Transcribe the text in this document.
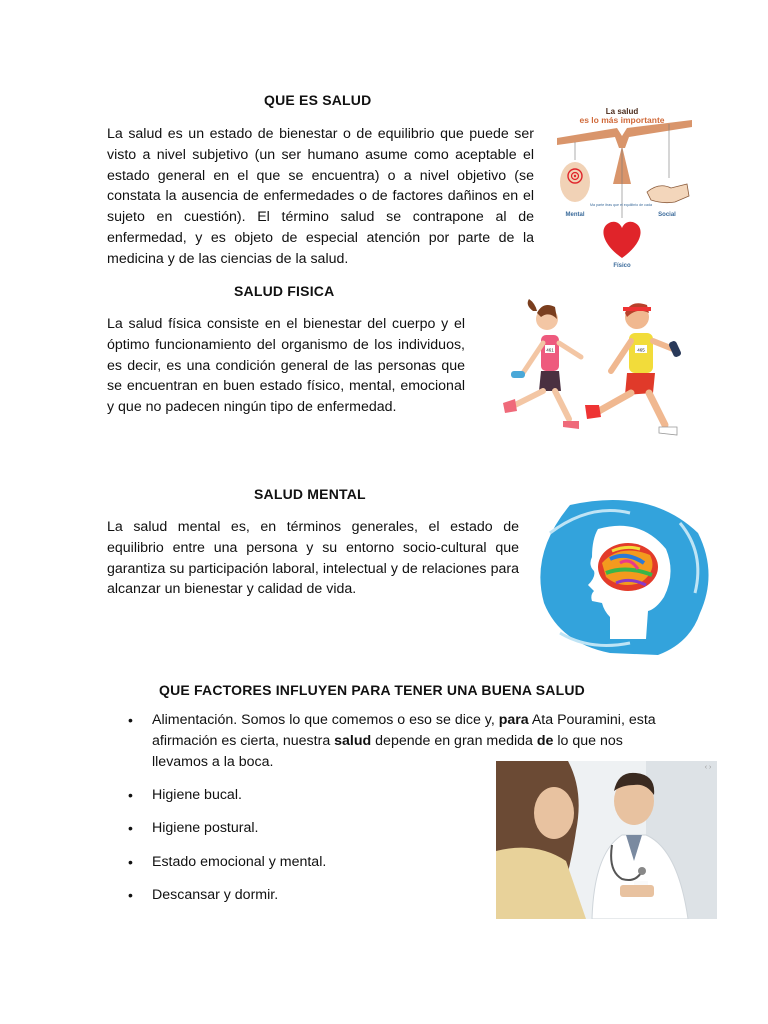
QUE ES SALUD
La salud es un estado de bienestar o de equilibrio que puede ser visto a nivel subjetivo (un ser humano asume como aceptable el estado general en el que se encuentra) o a nivel objetivo (se constata la ausencia de enfermedades o de factores dañinos en el sujeto en cuestión). El término salud se contrapone al de enfermedad, y es objeto de especial atención por parte de la medicina y de las ciencias de la salud.
La salud
es lo más importante
Mental	Social
Ma parte itras que el equilibrio de cada
Físico
SALUD FISICA
La salud física consiste en el bienestar del cuerpo y el óptimo funcionamiento del organismo de los individuos, es decir, es una condición general de las personas que se encuentran en buen estado físico, mental, emocional y que no padecen ningún tipo de enfermedad.
461	465
SALUD MENTAL
La salud mental es, en términos generales, el estado de equilibrio entre una persona y su entorno socio-cultural que garantiza su participación laboral, intelectual y de relaciones para alcanzar un bienestar y calidad de vida.
QUE FACTORES INFLUYEN PARA TENER UNA BUENA SALUD
• Alimentación. Somos lo que comemos o eso se dice y, para Ata Pouramini, esta afirmación es cierta, nuestra salud depende en gran medida de lo que nos llevamos a la boca.
• Higiene bucal.
• Higiene postural.
• Estado emocional y mental.
• Descansar y dormir.
‹ ›
